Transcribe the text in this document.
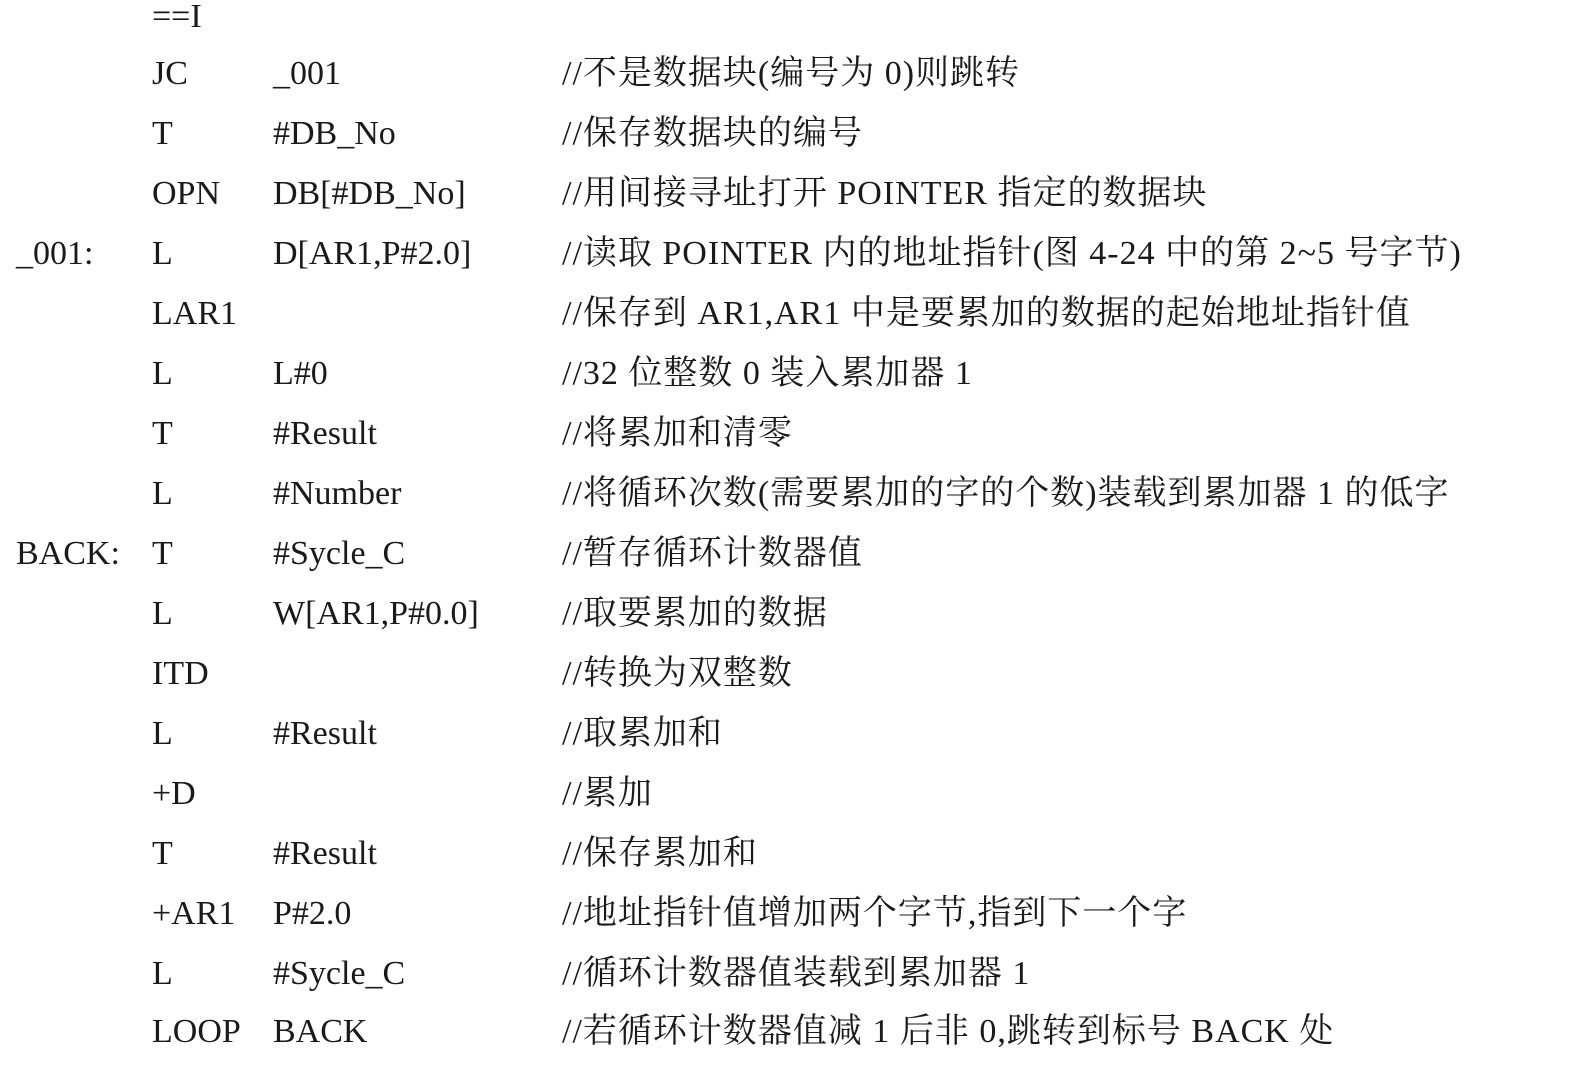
==I
JC	_001	//不是数据块(编号为 0)则跳转
T	#DB_No	//保存数据块的编号
OPN DB[#DB_No]	//用间接寻址打开 POINTER 指定的数据块
_001: L	D[AR1,P#2.0]	//读取 POINTER 内的地址指针(图 4-24 中的第 2~5 号字节)
LAR1	//保存到 AR1,AR1 中是要累加的数据的起始地址指针值
L	L#0	//32 位整数 0 装入累加器 1
T	#Result	//将累加和清零
L	#Number	//将循环次数(需要累加的字的个数)装载到累加器 1 的低字
BACK: T	#Sycle_C	//暂存循环计数器值
L	W[AR1,P#0.0] //取要累加的数据
ITD	//转换为双整数
L	#Result	//取累加和
+D	//累加
T	#Result	//保存累加和
+AR1 P#2.0	//地址指针值增加两个字节,指到下一个字
L	#Sycle_C	//循环计数器值装载到累加器 1
LOOP BACK	//若循环计数器值减 1 后非 0,跳转到标号 BACK 处
